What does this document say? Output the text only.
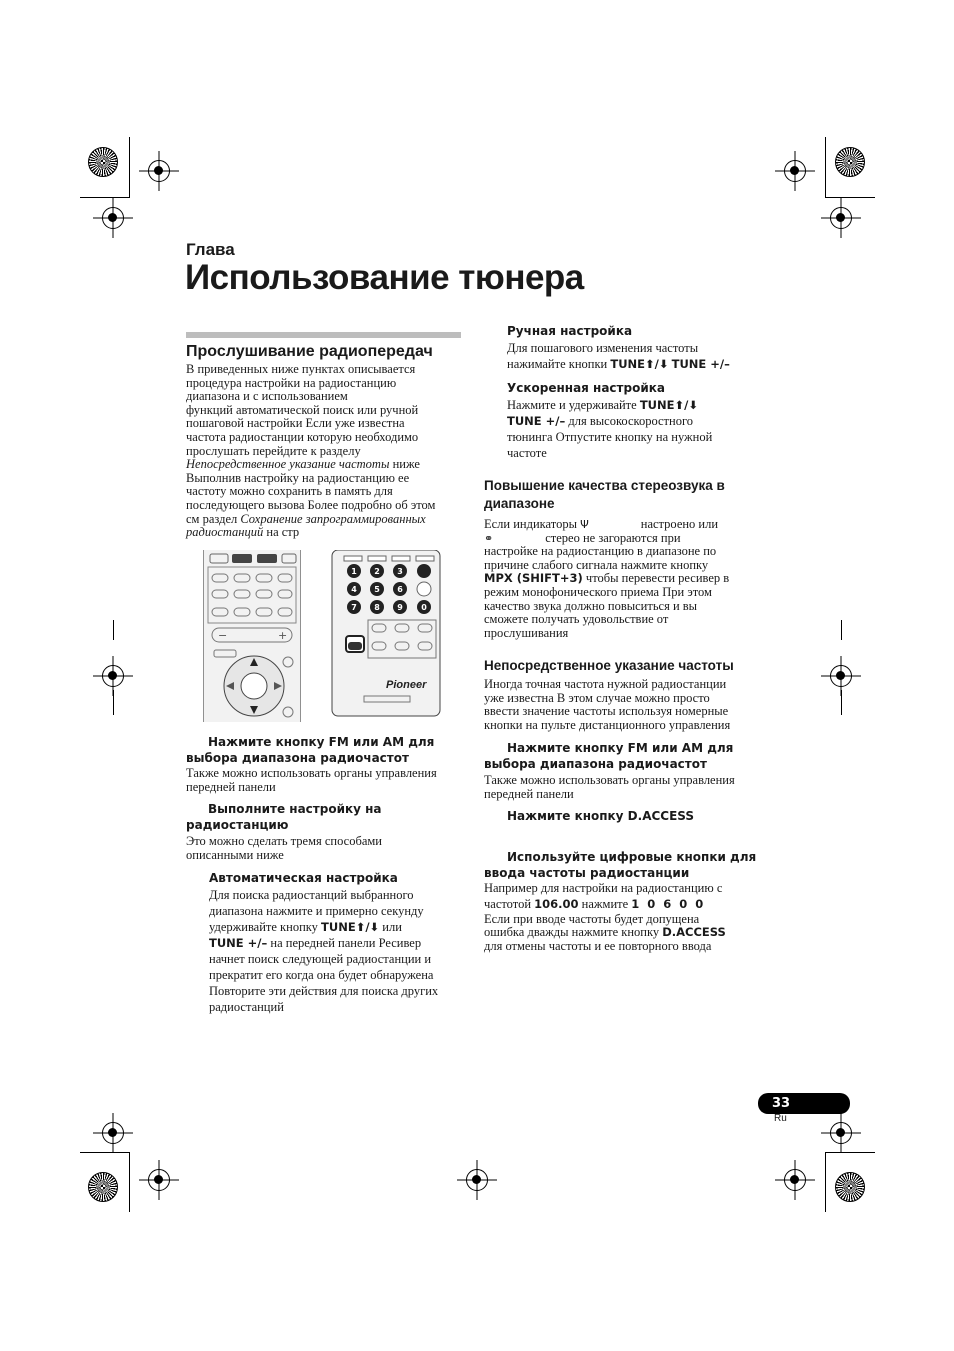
Глава
Использование тюнера
Прослушивание радиопередач
В приведенных ниже пунктах описывается
процедура настройки на радиостанцию
диапазона и с использованием
функций автоматической поиск или ручной
пошаговой настройки Если уже известна
частота радиостанции которую необходимо
прослушать перейдите к разделу
Непосредственное указание частоты ниже
Выполнив настройку на радиостанцию ее
частоту можно сохранить в память для
последующего вызова Более подробно об этом
см раздел Сохранение запрограммированных
радиостанций на стр
−	+
1 2 3
4 5 6
7 8 9 0
Pioneer
Нажмите кнопку FM или AM для
выбора диапазона радиочастот
Также можно использовать органы управления
передней панели
Выполните настройку на
радиостанцию
Это можно сделать тремя способами
описанными ниже
Автоматическая настройка
Для поиска радиостанций выбранного
диапазона нажмите и примерно секунду
удерживайте кнопку TUNE⬆/⬇ или
TUNE +/– на передней панели Ресивер
начнет поиск следующей радиостанции и
прекратит его когда она будет обнаружена
Повторите эти действия для поиска других
радиостанций
Ручная настройка
Для пошагового изменения частоты
нажимайте кнопки TUNE⬆/⬇ TUNE +/–
Ускоренная настройка
Нажмите и удерживайте TUNE⬆/⬇
TUNE +/– для высокоскоростного
тюнинга Отпустите кнопку на нужной
частоте
Повышение качества стереозвука в
диапазоне
Если индикаторы Ψ	настроено или
⚭	стерео не загораются при
настройке на радиостанцию в диапазоне по
причине слабого сигнала нажмите кнопку
MPX (SHIFT+3) чтобы перевести ресивер в
режим монофонического приема При этом
качество звука должно повыситься и вы
сможете получать удовольствие от
прослушивания
Непосредственное указание частоты
Иногда точная частота нужной радиостанции
уже известна В этом случае можно просто
ввести значение частоты используя номерные
кнопки на пульте дистанционного управления
Нажмите кнопку FM или AM для
выбора диапазона радиочастот
Также можно использовать органы управления
передней панели
Нажмите кнопку D.ACCESS
Используйте цифровые кнопки для
ввода частоты радиостанции
Например для настройки на радиостанцию с
частотой 106.00 нажмите 1  0  6  0  0
Если при вводе частоты будет допущена
ошибка дважды нажмите кнопку D.ACCESS
для отмены частоты и ее повторного ввода
33
Ru
